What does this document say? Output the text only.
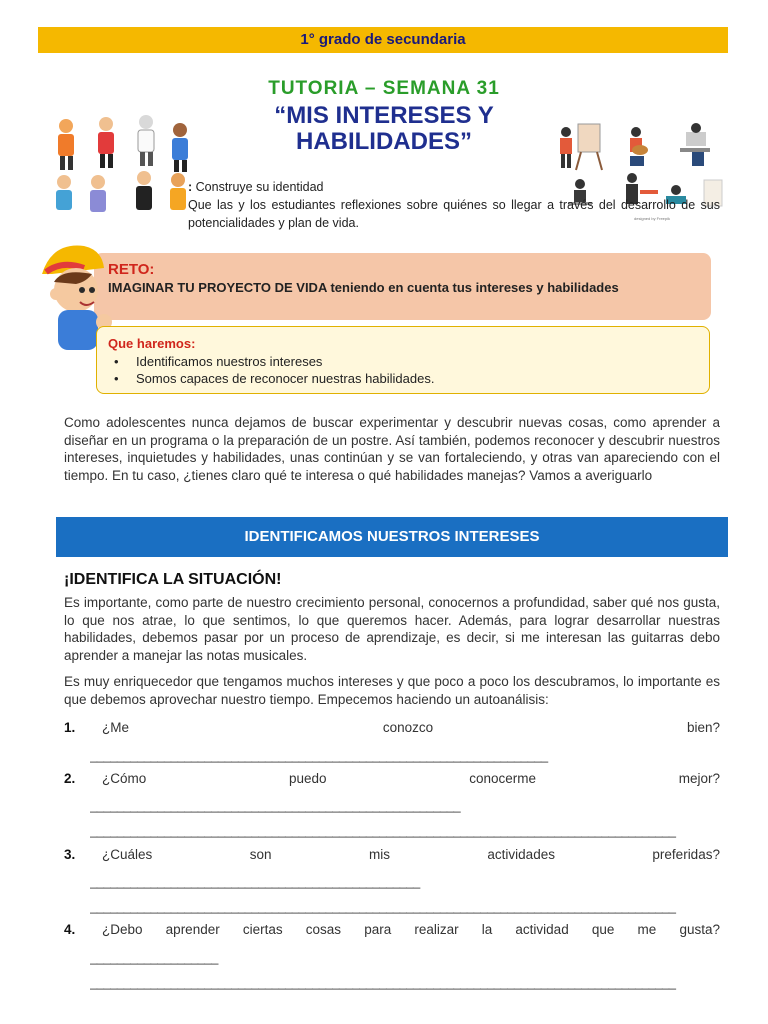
1° grado de secundaria
TUTORIA – SEMANA 31
“MIS INTERESES Y
HABILIDADES”
designed by Freepik
: Construye su identidad
Que las y los estudiantes reflexiones sobre quiénes so llegar a través del desarrollo de sus potencialidades y plan de vida.
RETO:
IMAGINAR TU PROYECTO DE VIDA teniendo en cuenta tus intereses y habilidades
Que haremos:
• Identificamos nuestros intereses
• Somos capaces de reconocer nuestras habilidades.
Como adolescentes nunca dejamos de buscar experimentar y descubrir nuevas cosas, como aprender a diseñar en un programa o la preparación de un postre. Así también, podemos reconocer y descubrir nuestros intereses, inquietudes y habilidades, unas continúan y se van fortaleciendo, y otras van apareciendo con el tiempo. En tu caso, ¿tienes claro qué te interesa o qué habilidades manejas? Vamos a averiguarlo
IDENTIFICAMOS NUESTROS INTERESES
¡IDENTIFICA LA SITUACIÓN!
Es importante, como parte de nuestro crecimiento personal, conocernos a profundidad, saber qué nos gusta, lo que nos atrae, lo que sentimos, lo que queremos hacer. Además, para lograr desarrollar nuestras habilidades, debemos pasar por un proceso de aprendizaje, es decir, si me interesan las guitarras debo aprender a manejar las notas musicales.
Es muy enriquecedor que tengamos muchos intereses y que poco a poco los descubramos, lo importante es que debemos aprovechar nuestro tiempo. Empecemos haciendo un autoanálisis:
1.	¿Me	conozco	bien?
____________________________________________________________________
2.	¿Cómo	puedo	conocerme	mejor?
_______________________________________________________
_______________________________________________________________________________________
3.	¿Cuáles	son	mis	actividades	preferidas?
_________________________________________________
_______________________________________________________________________________________
4.	¿Debo aprender ciertas cosas para realizar la actividad que me gusta?
___________________
_______________________________________________________________________________________
